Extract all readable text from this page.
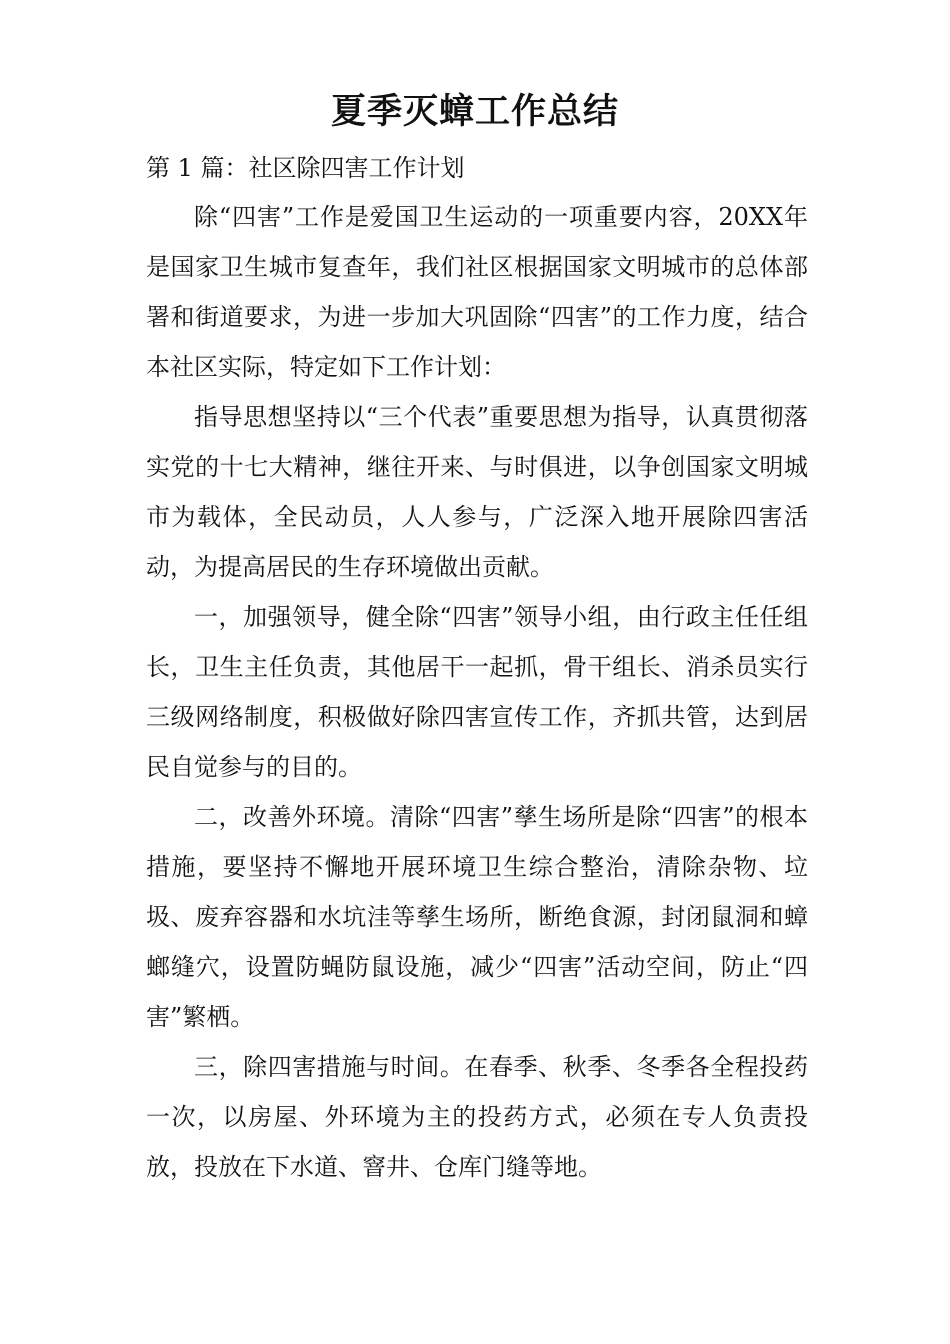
夏季灭蟑工作总结

第 1 篇：社区除四害工作计划

除“四害”工作是爱国卫生运动的一项重要内容，20XX年是国家卫生城市复查年，我们社区根据国家文明城市的总体部署和街道要求，为进一步加大巩固除“四害”的工作力度，结合本社区实际，特定如下工作计划：

指导思想坚持以“三个代表”重要思想为指导，认真贯彻落实党的十七大精神，继往开来、与时俱进，以争创国家文明城市为载体，全民动员，人人参与，广泛深入地开展除四害活动，为提高居民的生存环境做出贡献。

一，加强领导，健全除“四害”领导小组，由行政主任任组长，卫生主任负责，其他居干一起抓，骨干组长、消杀员实行三级网络制度，积极做好除四害宣传工作，齐抓共管，达到居民自觉参与的目的。

二，改善外环境。清除“四害”孳生场所是除“四害”的根本措施，要坚持不懈地开展环境卫生综合整治，清除杂物、垃圾、废弃容器和水坑洼等孳生场所，断绝食源，封闭鼠洞和蟑螂缝穴，设置防蝇防鼠设施，减少“四害”活动空间，防止“四害”繁栖。

三，除四害措施与时间。在春季、秋季、冬季各全程投药一次，以房屋、外环境为主的投药方式，必须在专人负责投放，投放在下水道、窨井、仓库门缝等地。
